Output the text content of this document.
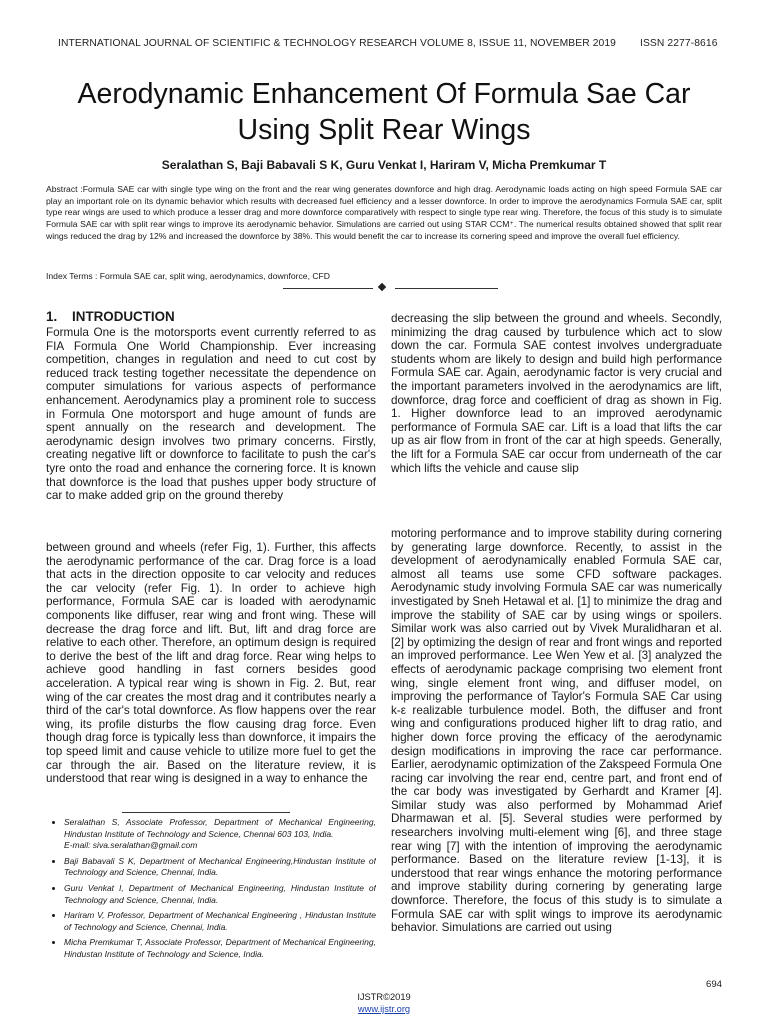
INTERNATIONAL JOURNAL OF SCIENTIFIC & TECHNOLOGY RESEARCH VOLUME 8, ISSUE 11, NOVEMBER 2019 ISSN 2277-8616
Aerodynamic Enhancement Of Formula Sae Car
Using Split Rear Wings
Seralathan S, Baji Babavali S K, Guru Venkat I, Hariram V, Micha Premkumar T
Abstract :Formula SAE car with single type wing on the front and the rear wing generates downforce and high drag. Aerodynamic loads acting on high speed Formula SAE car play an important role on its dynamic behavior which results with decreased fuel efficiency and a lesser downforce. In order to improve the aerodynamics Formula SAE car, split type rear wings are used to which produce a lesser drag and more downforce comparatively with respect to single type rear wing. Therefore, the focus of this study is to simulate Formula SAE car with split rear wings to improve its aerodynamic behavior. Simulations are carried out using STAR CCM⁺. The numerical results obtained showed that split rear wings reduced the drag by 12% and increased the downforce by 38%. This would benefit the car to increase its cornering speed and improve the overall fuel efficiency.
Index Terms : Formula SAE car, split wing, aerodynamics, downforce, CFD
1.    INTRODUCTION
Formula One is the motorsports event currently referred to as FIA Formula One World Championship. Ever increasing competition, changes in regulation and need to cut cost by reduced track testing together necessitate the dependence on computer simulations for various aspects of performance enhancement. Aerodynamics play a prominent role to success in Formula One motorsport and huge amount of funds are spent annually on the research and development. The aerodynamic design involves two primary concerns. Firstly, creating negative lift or downforce to facilitate to push the car's tyre onto the road and enhance the cornering force. It is known that downforce is the load that pushes upper body structure of car to make added grip on the ground thereby
decreasing the slip between the ground and wheels. Secondly, minimizing the drag caused by turbulence which act to slow down the car. Formula SAE contest involves undergraduate students whom are likely to design and build high performance Formula SAE car. Again, aerodynamic factor is very crucial and the important parameters involved in the aerodynamics are lift, downforce, drag force and coefficient of drag as shown in Fig. 1. Higher downforce lead to an improved aerodynamic performance of Formula SAE car. Lift is a load that lifts the car up as air flow from in front of the car at high speeds. Generally, the lift for a Formula SAE car occur from underneath of the car which lifts the vehicle and cause slip
between ground and wheels (refer Fig, 1). Further, this affects the aerodynamic performance of the car. Drag force is a load that acts in the direction opposite to car velocity and reduces the car velocity (refer Fig. 1). In order to achieve high performance, Formula SAE car is loaded with aerodynamic components like diffuser, rear wing and front wing. These will decrease the drag force and lift. But, lift and drag force are relative to each other. Therefore, an optimum design is required to derive the best of the lift and drag force. Rear wing helps to achieve good handling in fast corners besides good acceleration. A typical rear wing is shown in Fig. 2. But, rear wing of the car creates the most drag and it contributes nearly a third of the car's total downforce. As flow happens over the rear wing, its profile disturbs the flow causing drag force. Even though drag force is typically less than downforce, it impairs the top speed limit and cause vehicle to utilize more fuel to get the car through the air. Based on the literature review, it is understood that rear wing is designed in a way to enhance the
motoring performance and to improve stability during cornering by generating large downforce. Recently, to assist in the development of aerodynamically enabled Formula SAE car, almost all teams use some CFD software packages. Aerodynamic study involving Formula SAE car was numerically investigated by Sneh Hetawal et al. [1] to minimize the drag and improve the stability of SAE car by using wings or spoilers. Similar work was also carried out by Vivek Muralidharan et al. [2] by optimizing the design of rear and front wings and reported an improved performance. Lee Wen Yew et al. [3] analyzed the effects of aerodynamic package comprising two element front wing, single element front wing, and diffuser model, on improving the performance of Taylor's Formula SAE Car using k-ε realizable turbulence model. Both, the diffuser and front wing and configurations produced higher lift to drag ratio, and higher down force proving the efficacy of the aerodynamic design modifications in improving the race car performance. Earlier, aerodynamic optimization of the Zakspeed Formula One racing car involving the rear end, centre part, and front end of the car body was investigated by Gerhardt and Kramer [4]. Similar study was also performed by Mohammad Arief Dharmawan et al. [5]. Several studies were performed by researchers involving multi-element wing [6], and three stage rear wing [7] with the intention of improving the aerodynamic performance. Based on the literature review [1-13], it is understood that rear wings enhance the motoring performance and improve stability during cornering by generating large downforce. Therefore, the focus of this study is to simulate a Formula SAE car with split wings to improve its aerodynamic behavior. Simulations are carried out using
• Seralathan S, Associate Professor, Department of Mechanical Engineering, Hindustan Institute of Technology and Science, Chennai 603 103, India.
E-mail: siva.seralathan@gmail.com
• Baji Babavali S K, Department of Mechanical Engineering,Hindustan Institute of Technology and Science, Chennai, India.
• Guru Venkat I, Department of Mechanical Engineering, Hindustan Institute of Technology and Science, Chennai, India.
• Hariram V, Professor, Department of Mechanical Engineering , Hindustan Institute of Technology and Science, Chennai, India.
• Micha Premkumar T, Associate Professor, Department of Mechanical Engineering, Hindustan Institute of Technology and Science, India.
694
IJSTR©2019
www.ijstr.org
